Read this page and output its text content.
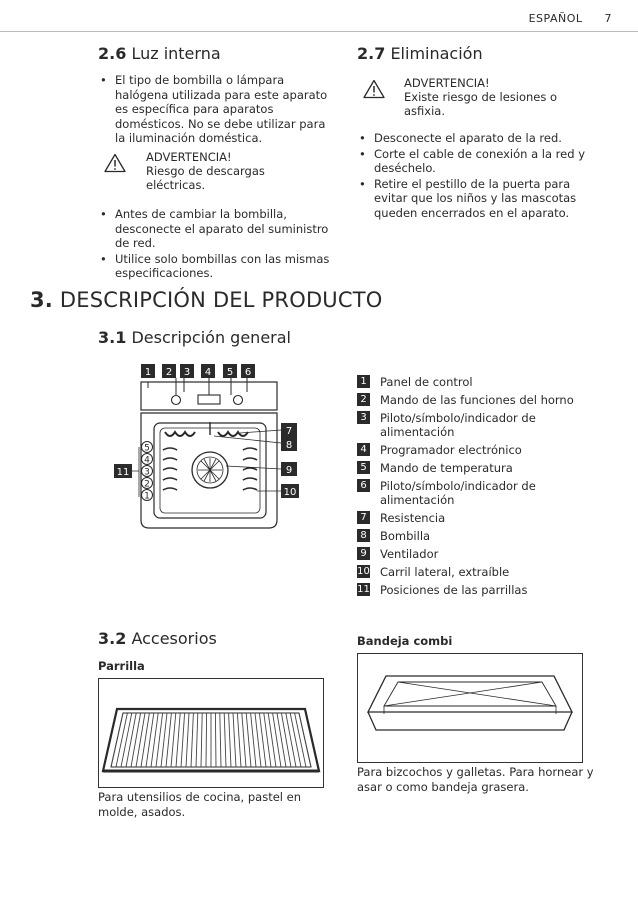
ESPAÑOL 7
2.6 Luz interna
• El tipo de bombilla o lámpara halógena utilizada para este aparato es específica para aparatos domésticos. No se debe utilizar para la iluminación doméstica.
ADVERTENCIA!
Riesgo de descargas eléctricas.
• Antes de cambiar la bombilla, desconecte el aparato del suministro de red.
• Utilice solo bombillas con las mismas especificaciones.
2.7 Eliminación
ADVERTENCIA!
Existe riesgo de lesiones o asfixia.
• Desconecte el aparato de la red.
• Corte el cable de conexión a la red y deséchelo.
• Retire el pestillo de la puerta para evitar que los niños y las mascotas queden encerrados en el aparato.
3. DESCRIPCIÓN DEL PRODUCTO
3.1 Descripción general
1 2 3 4 5 6
7
8
9
10
11
5
4
3
2
1
1 Panel de control
2 Mando de las funciones del horno
3 Piloto/símbolo/indicador de alimentación
4 Programador electrónico
5 Mando de temperatura
6 Piloto/símbolo/indicador de alimentación
7 Resistencia
8 Bombilla
9 Ventilador
10 Carril lateral, extraíble
11 Posiciones de las parrillas
3.2 Accesorios
Parrilla
Para utensilios de cocina, pastel en molde, asados.
Bandeja combi
Para bizcochos y galletas. Para hornear y asar o como bandeja grasera.
